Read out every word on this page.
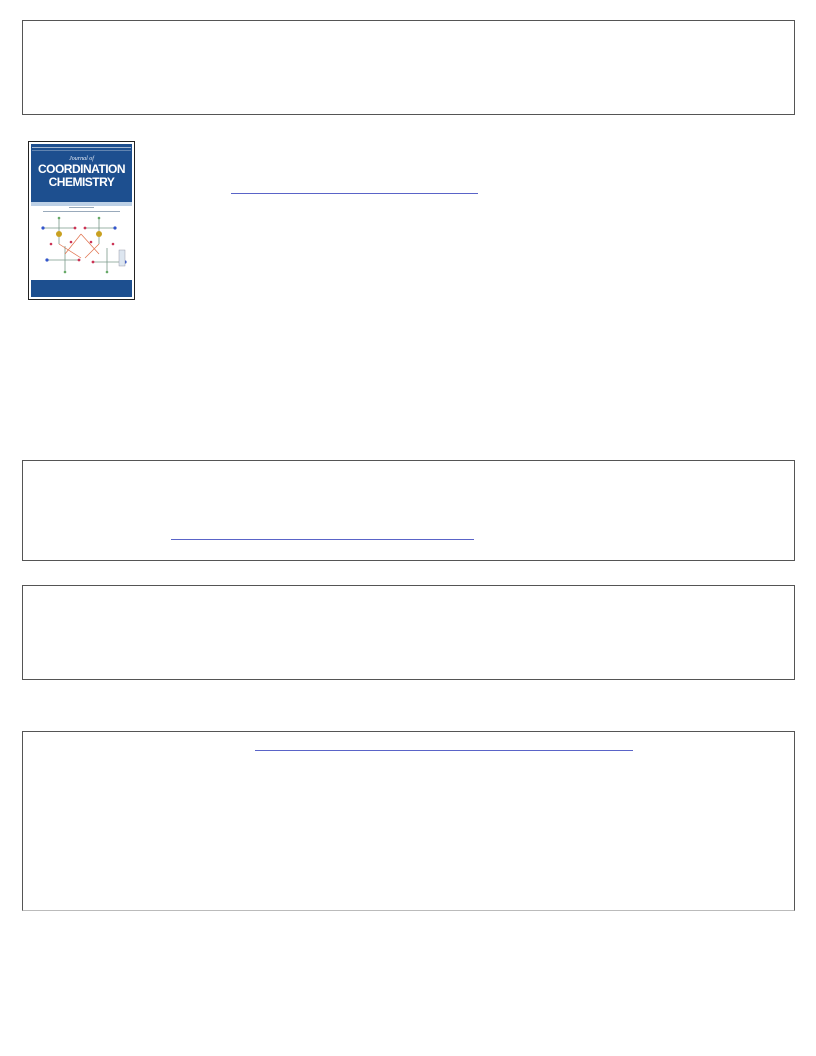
Journal of
COORDINATION
CHEMISTRY
